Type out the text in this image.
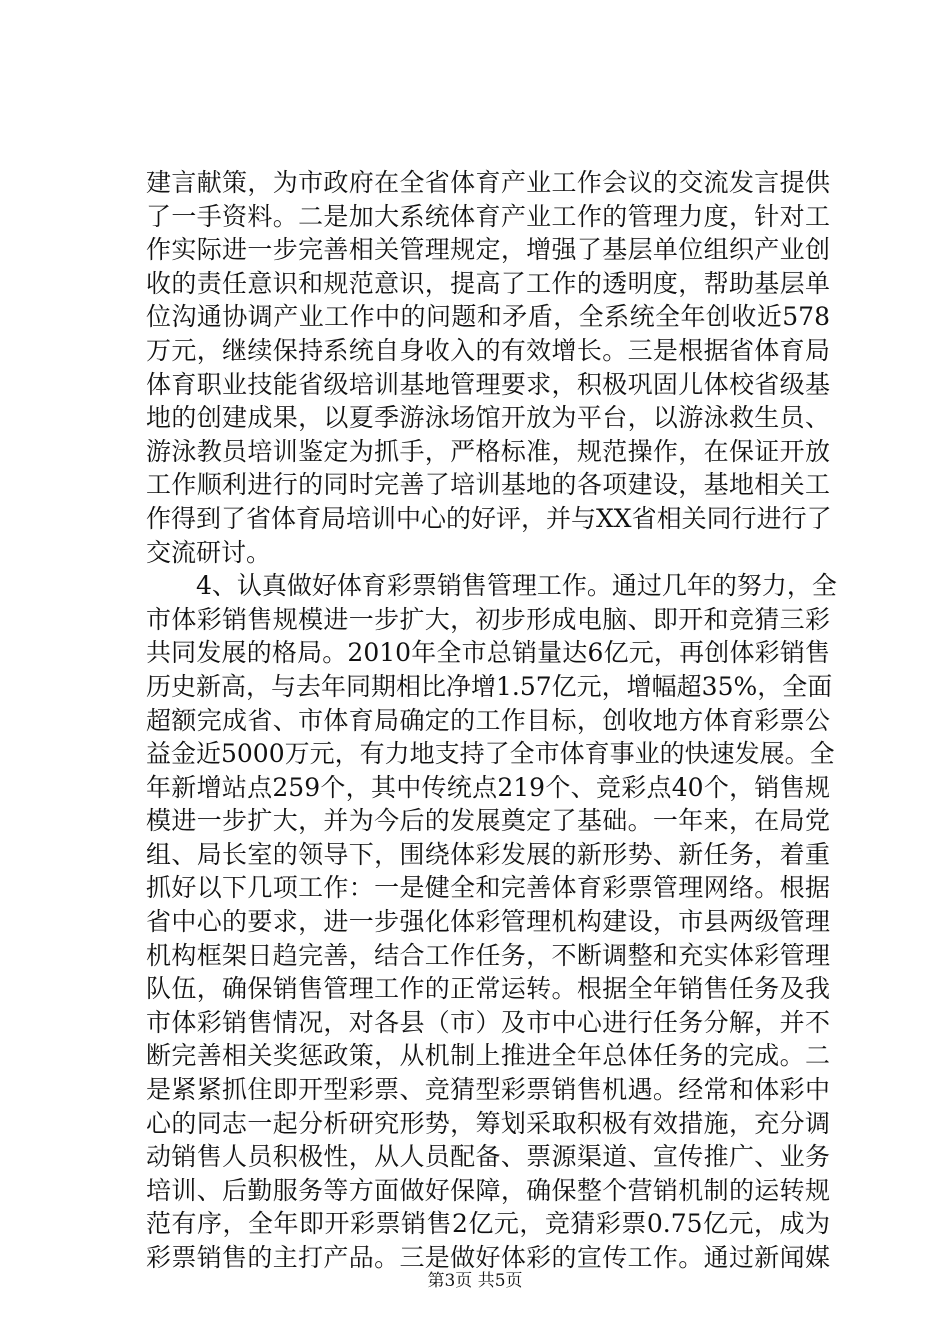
建言献策，为市政府在全省体育产业工作会议的交流发言提供
了一手资料。二是加大系统体育产业工作的管理力度，针对工
作实际进一步完善相关管理规定，增强了基层单位组织产业创
收的责任意识和规范意识，提高了工作的透明度，帮助基层单
位沟通协调产业工作中的问题和矛盾，全系统全年创收近578
万元，继续保持系统自身收入的有效增长。三是根据省体育局
体育职业技能省级培训基地管理要求，积极巩固儿体校省级基
地的创建成果，以夏季游泳场馆开放为平台，以游泳救生员、
游泳教员培训鉴定为抓手，严格标准，规范操作，在保证开放
工作顺利进行的同时完善了培训基地的各项建设，基地相关工
作得到了省体育局培训中心的好评，并与XX省相关同行进行了
交流研讨。
　　4、认真做好体育彩票销售管理工作。通过几年的努力，全
市体彩销售规模进一步扩大，初步形成电脑、即开和竞猜三彩
共同发展的格局。2010年全市总销量达6亿元，再创体彩销售
历史新高，与去年同期相比净增1.57亿元，增幅超35%，全面
超额完成省、市体育局确定的工作目标，创收地方体育彩票公
益金近5000万元，有力地支持了全市体育事业的快速发展。全
年新增站点259个，其中传统点219个、竞彩点40个，销售规
模进一步扩大，并为今后的发展奠定了基础。一年来，在局党
组、局长室的领导下，围绕体彩发展的新形势、新任务，着重
抓好以下几项工作：一是健全和完善体育彩票管理网络。根据
省中心的要求，进一步强化体彩管理机构建设，市县两级管理
机构框架日趋完善，结合工作任务，不断调整和充实体彩管理
队伍，确保销售管理工作的正常运转。根据全年销售任务及我
市体彩销售情况，对各县（市）及市中心进行任务分解，并不
断完善相关奖惩政策，从机制上推进全年总体任务的完成。二
是紧紧抓住即开型彩票、竞猜型彩票销售机遇。经常和体彩中
心的同志一起分析研究形势，筹划采取积极有效措施，充分调
动销售人员积极性，从人员配备、票源渠道、宣传推广、业务
培训、后勤服务等方面做好保障，确保整个营销机制的运转规
范有序，全年即开彩票销售2亿元，竞猜彩票0.75亿元，成为
彩票销售的主打产品。三是做好体彩的宣传工作。通过新闻媒
第3页 共5页
